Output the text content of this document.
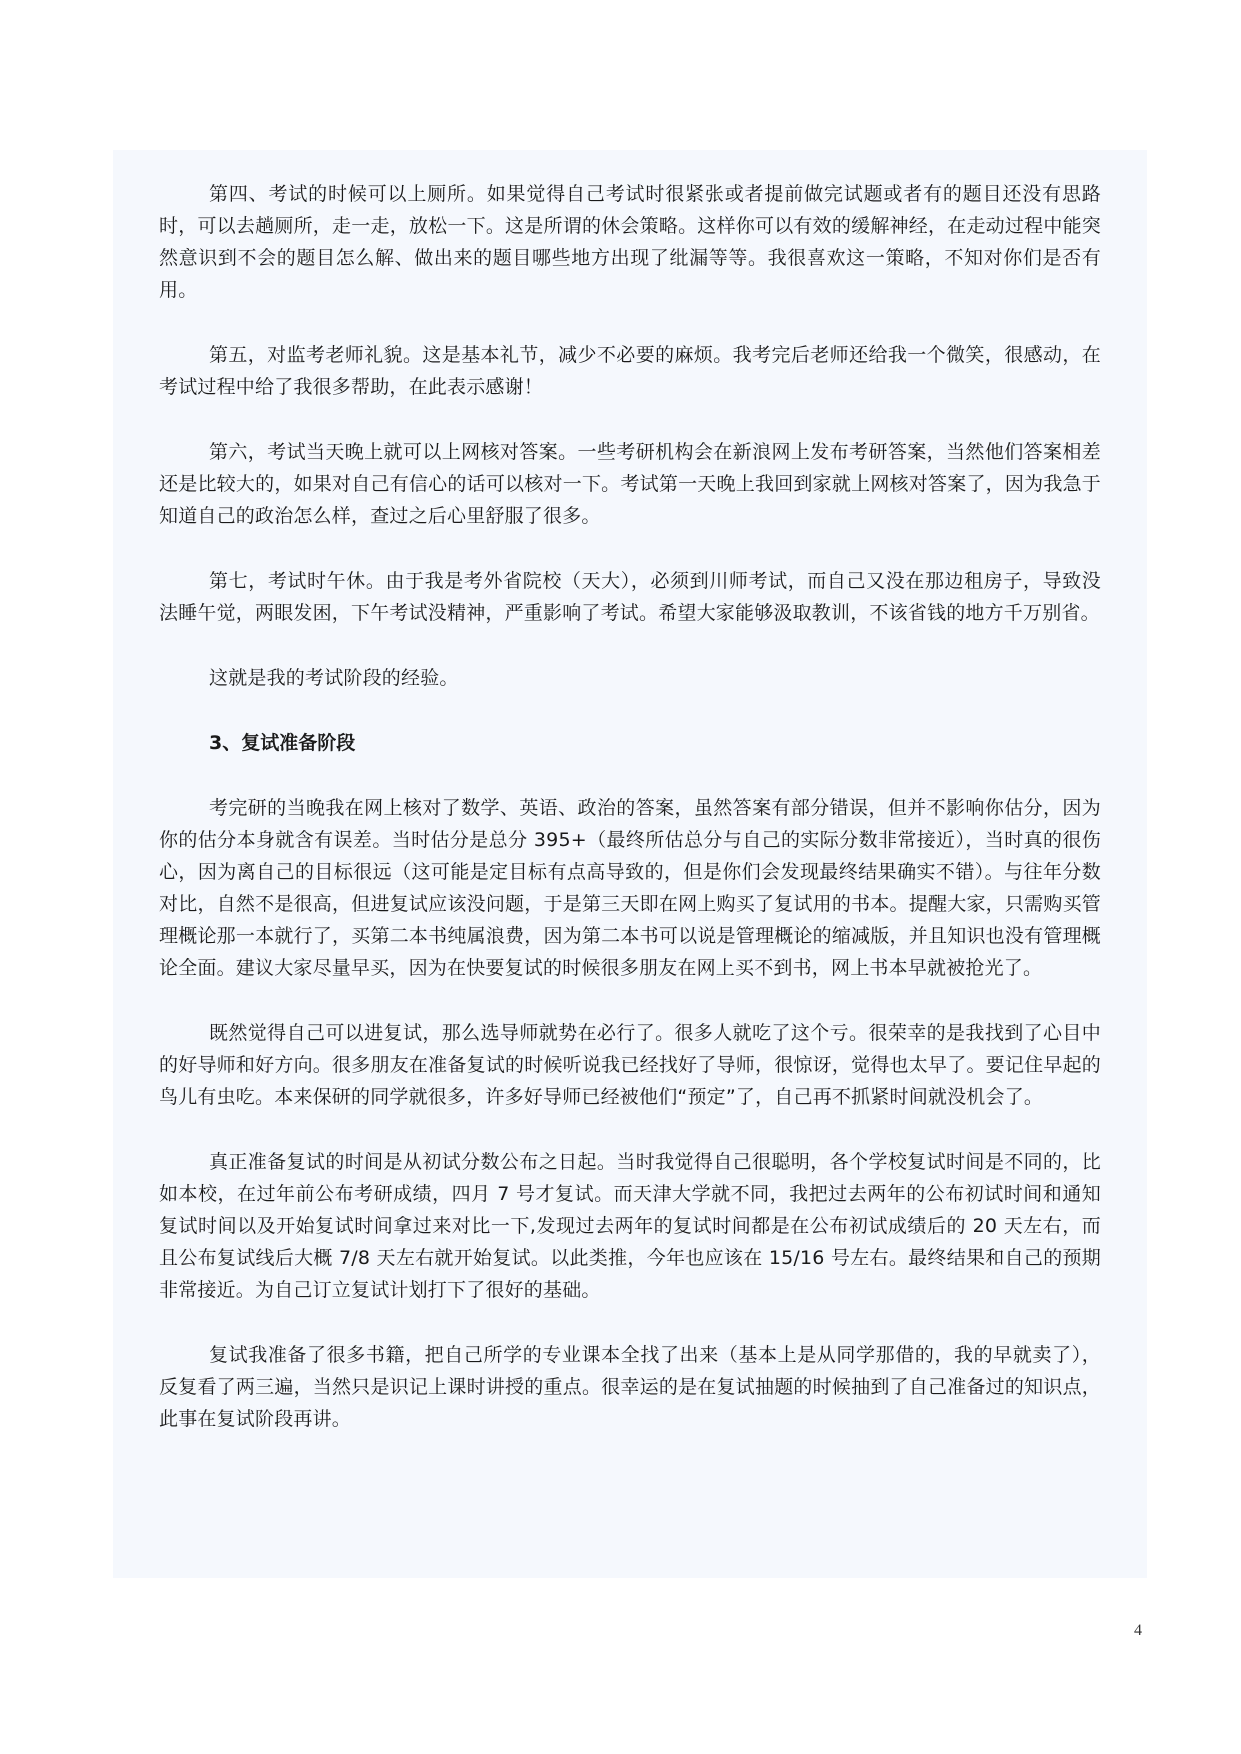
第四、考试的时候可以上厕所。如果觉得自己考试时很紧张或者提前做完试题或者有的题目还没有思路时，可以去趟厕所，走一走，放松一下。这是所谓的休会策略。这样你可以有效的缓解神经，在走动过程中能突然意识到不会的题目怎么解、做出来的题目哪些地方出现了纰漏等等。我很喜欢这一策略，不知对你们是否有用。

第五，对监考老师礼貌。这是基本礼节，减少不必要的麻烦。我考完后老师还给我一个微笑，很感动，在考试过程中给了我很多帮助，在此表示感谢！

第六，考试当天晚上就可以上网核对答案。一些考研机构会在新浪网上发布考研答案，当然他们答案相差还是比较大的，如果对自己有信心的话可以核对一下。考试第一天晚上我回到家就上网核对答案了，因为我急于知道自己的政治怎么样，查过之后心里舒服了很多。

第七，考试时午休。由于我是考外省院校（天大），必须到川师考试，而自己又没在那边租房子，导致没法睡午觉，两眼发困，下午考试没精神，严重影响了考试。希望大家能够汲取教训，不该省钱的地方千万别省。

这就是我的考试阶段的经验。

3、复试准备阶段

考完研的当晚我在网上核对了数学、英语、政治的答案，虽然答案有部分错误，但并不影响你估分，因为你的估分本身就含有误差。当时估分是总分 395+（最终所估总分与自己的实际分数非常接近），当时真的很伤心，因为离自己的目标很远（这可能是定目标有点高导致的，但是你们会发现最终结果确实不错）。与往年分数对比，自然不是很高，但进复试应该没问题，于是第三天即在网上购买了复试用的书本。提醒大家，只需购买管理概论那一本就行了，买第二本书纯属浪费，因为第二本书可以说是管理概论的缩减版，并且知识也没有管理概论全面。建议大家尽量早买，因为在快要复试的时候很多朋友在网上买不到书，网上书本早就被抢光了。

既然觉得自己可以进复试，那么选导师就势在必行了。很多人就吃了这个亏。很荣幸的是我找到了心目中的好导师和好方向。很多朋友在准备复试的时候听说我已经找好了导师，很惊讶，觉得也太早了。要记住早起的鸟儿有虫吃。本来保研的同学就很多，许多好导师已经被他们“预定”了，自己再不抓紧时间就没机会了。

真正准备复试的时间是从初试分数公布之日起。当时我觉得自己很聪明，各个学校复试时间是不同的，比如本校，在过年前公布考研成绩，四月 7 号才复试。而天津大学就不同，我把过去两年的公布初试时间和通知复试时间以及开始复试时间拿过来对比一下,发现过去两年的复试时间都是在公布初试成绩后的 20 天左右，而且公布复试线后大概 7/8 天左右就开始复试。以此类推，今年也应该在 15/16 号左右。最终结果和自己的预期非常接近。为自己订立复试计划打下了很好的基础。

复试我准备了很多书籍，把自己所学的专业课本全找了出来（基本上是从同学那借的，我的早就卖了），反复看了两三遍，当然只是识记上课时讲授的重点。很幸运的是在复试抽题的时候抽到了自己准备过的知识点，此事在复试阶段再讲。

4
